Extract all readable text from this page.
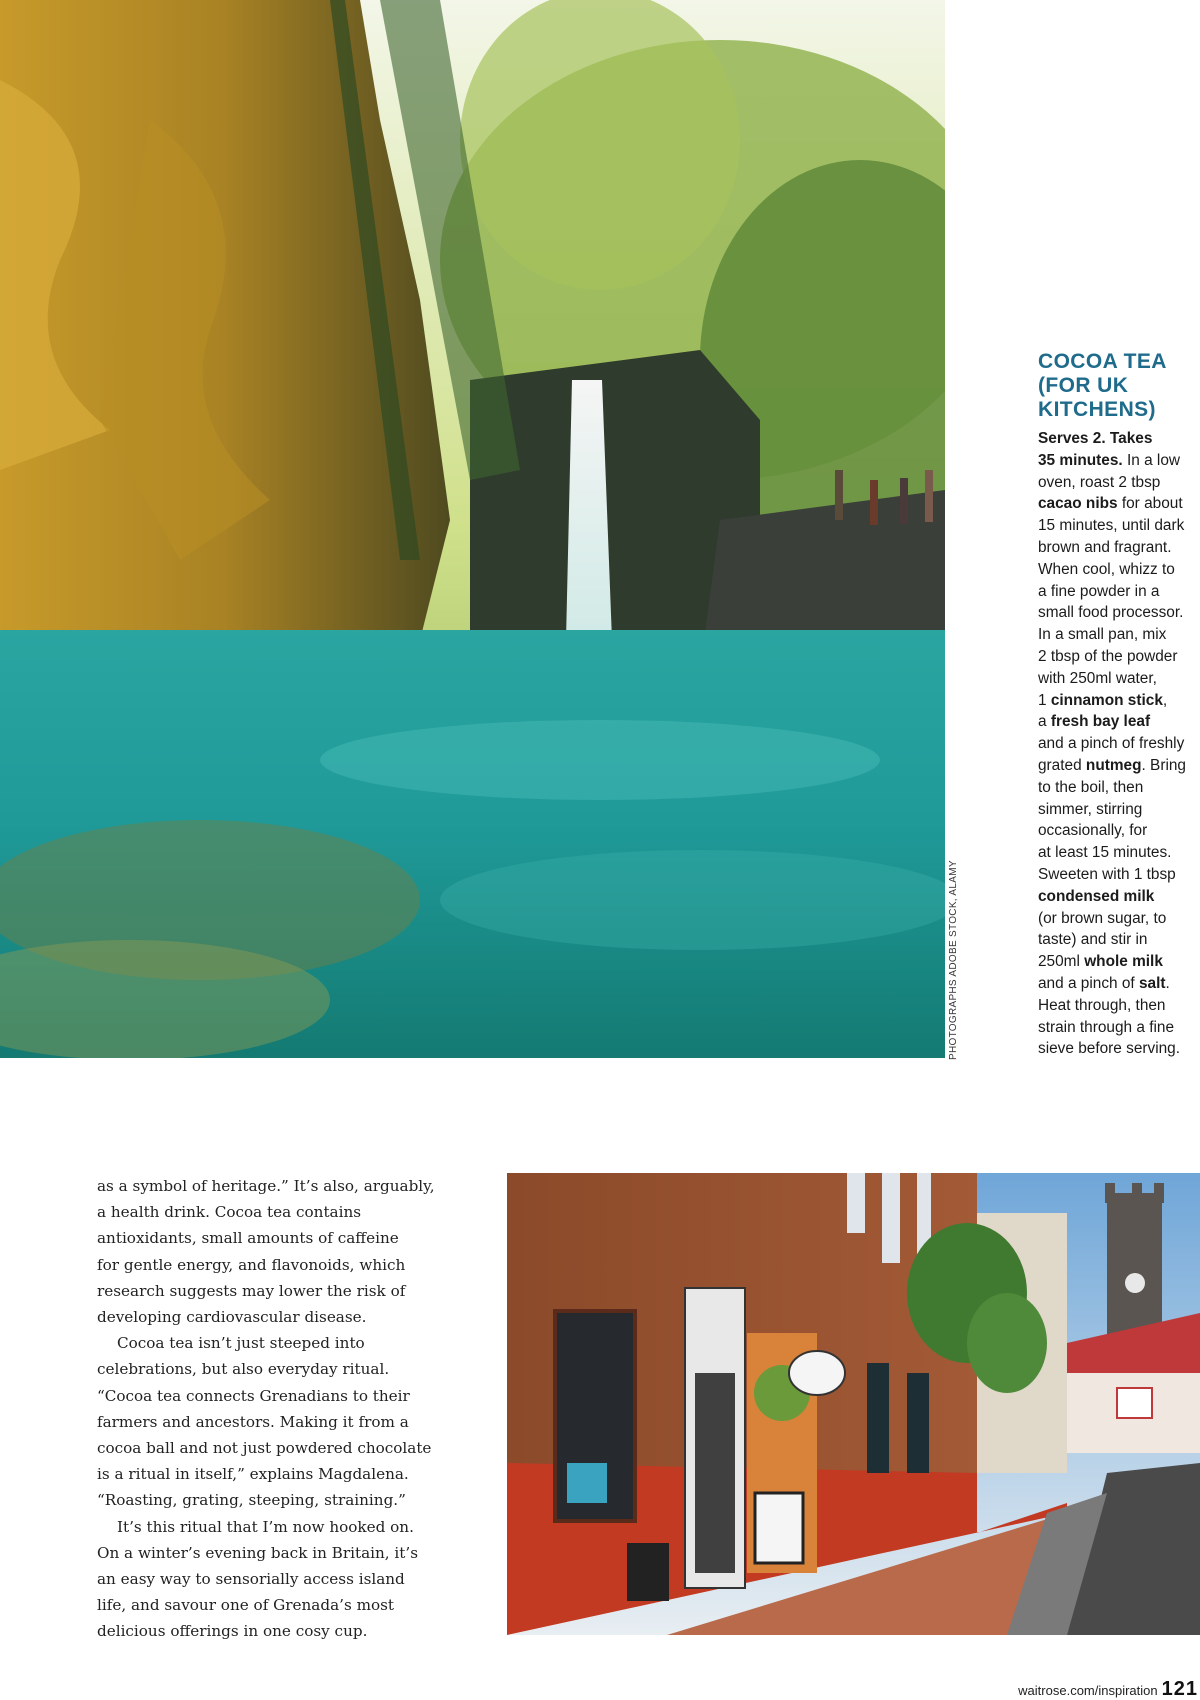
PHOTOGRAPHS ADOBE STOCK, ALAMY
COCOA TEA
(FOR UK
KITCHENS)
Serves 2. Takes
35 minutes. In a low
oven, roast 2 tbsp
cacao nibs for about
15 minutes, until dark
brown and fragrant.
When cool, whizz to
a fine powder in a
small food processor.
In a small pan, mix
2 tbsp of the powder
with 250ml water,
1 cinnamon stick,
a fresh bay leaf
and a pinch of freshly
grated nutmeg. Bring
to the boil, then
simmer, stirring
occasionally, for
at least 15 minutes.
Sweeten with 1 tbsp
condensed milk
(or brown sugar, to
taste) and stir in
250ml whole milk
and a pinch of salt.
Heat through, then
strain through a fine
sieve before serving.
as a symbol of heritage.” It’s also, arguably,
a health drink. Cocoa tea contains
antioxidants, small amounts of caffeine
for gentle energy, and flavonoids, which
research suggests may lower the risk of
developing cardiovascular disease.
Cocoa tea isn’t just steeped into
celebrations, but also everyday ritual.
“Cocoa tea connects Grenadians to their
farmers and ancestors. Making it from a
cocoa ball and not just powdered chocolate
is a ritual in itself,” explains Magdalena.
“Roasting, grating, steeping, straining.”
It’s this ritual that I’m now hooked on.
On a winter’s evening back in Britain, it’s
an easy way to sensorially access island
life, and savour one of Grenada’s most
delicious offerings in one cosy cup.
waitrose.com/inspiration 121
